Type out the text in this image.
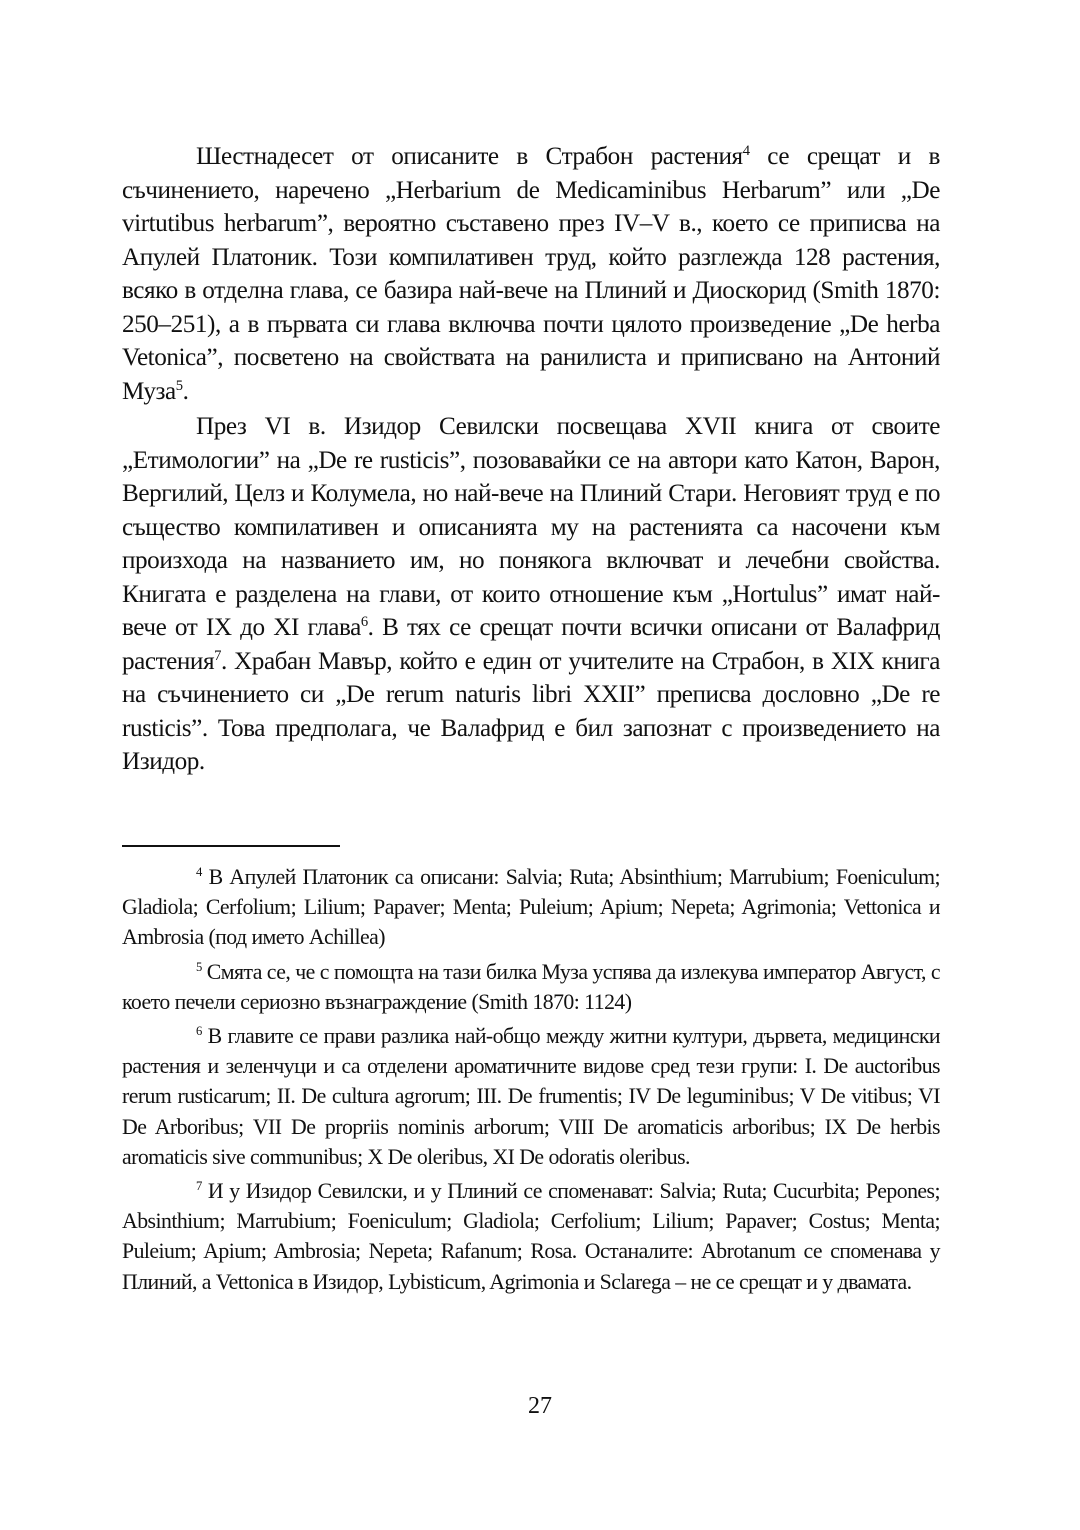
Шестнадесет от описаните в Страбон растения$^4$ се срещат и в съчинението, наречено „Herbarium de Medicaminibus Herbarum” или „De virtutibus herbarum”, вероятно съставено през IV–V в., което се приписва на Апулей Платоник. Този компилативен труд, който разглежда 128 растения, всяко в отделна глава, се базира най-вече на Плиний и Диоскорид (Smith 1870: 250–251), а в първата си глава включва почти цялото произведение „De herba Vetonica”, посветено на свойствата на ранилиста и приписвано на Антоний Муза$^5$.

През VI в. Изидор Севилски посвещава XVII книга от своите „Етимологии” на „De re rusticis”, позовавайки се на автори като Катон, Варон, Вергилий, Целз и Колумела, но най-вече на Плиний Стари. Неговият труд е по същество компилативен и описанията му на растенията са насочени към произхода на названието им, но понякога включват и лечебни свойства. Книгата е разделена на глави, от които отношение към „Hortulus” имат най-вече от IX до XI глава$^6$. В тях се срещат почти всички описани от Валафрид растения$^7$. Храбан Мавър, който е един от учителите на Страбон, в XIX книга на съчинението си „De rerum naturis libri XXII” преписва дословно „De re rusticis”. Това предполага, че Валафрид е бил запознат с произведението на Изидор.

$^4$ В Апулей Платоник са описани: Salvia; Ruta; Absinthium; Marrubium; Foeniculum; Gladiola; Cerfolium; Lilium; Papaver; Menta; Puleium; Apium; Nepeta; Agrimonia; Vettonica и Ambrosia (под името Achillea)

$^5$ Смята се, че с помощта на тази билка Муза успява да излекува император Август, с което печели сериозно възнаграждение (Smith 1870: 1124)

$^6$ В главите се прави разлика най-общо между житни култури, дървета, медицински растения и зеленчуци и са отделени ароматичните видове сред тези групи: I. De auctoribus rerum rusticarum; II. De cultura agrorum; III. De frumentis; IV De leguminibus; V De vitibus; VI De Arboribus; VII De propriis nominis arborum; VIII De aromaticis arboribus; IX De herbis aromaticis sive communibus; X De oleribus, XI De odoratis oleribus.

$^7$ И у Изидор Севилски, и у Плиний се споменават: Salvia; Ruta; Cucurbita; Pepones; Absinthium; Marrubium; Foeniculum; Gladiola; Cerfolium; Lilium; Papaver; Costus; Menta; Puleium; Apium; Ambrosia; Nepeta; Rafanum; Rosa. Останалите: Abrotanum се споменава у Плиний, а Vettonica в Изидор, Lybisticum, Agrimonia и Sclarega – не се срещат и у двамата.

27
